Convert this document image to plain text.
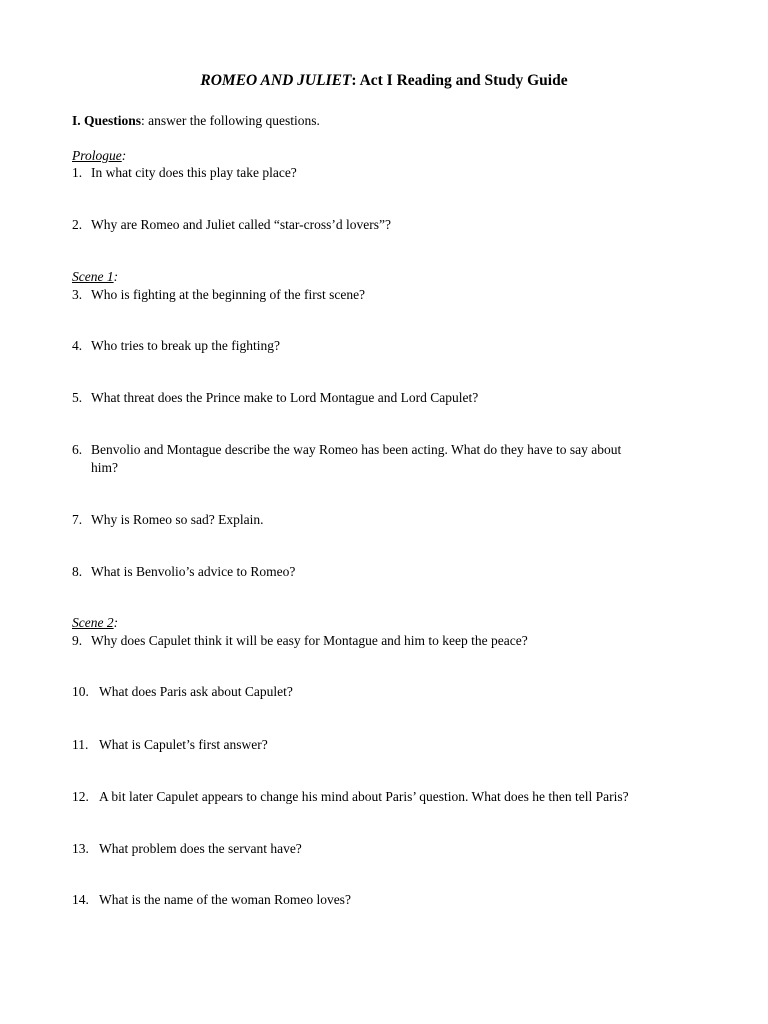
ROMEO AND JULIET: Act I Reading and Study Guide
I. Questions: answer the following questions.
Prologue:
1. In what city does this play take place?
2. Why are Romeo and Juliet called “star-cross’d lovers”?
Scene 1:
3. Who is fighting at the beginning of the first scene?
4. Who tries to break up the fighting?
5. What threat does the Prince make to Lord Montague and Lord Capulet?
6. Benvolio and Montague describe the way Romeo has been acting. What do they have to say about
him?
7. Why is Romeo so sad? Explain.
8. What is Benvolio’s advice to Romeo?
Scene 2:
9. Why does Capulet think it will be easy for Montague and him to keep the peace?
10. What does Paris ask about Capulet?
11. What is Capulet’s first answer?
12. A bit later Capulet appears to change his mind about Paris’ question. What does he then tell Paris?
13. What problem does the servant have?
14. What is the name of the woman Romeo loves?
